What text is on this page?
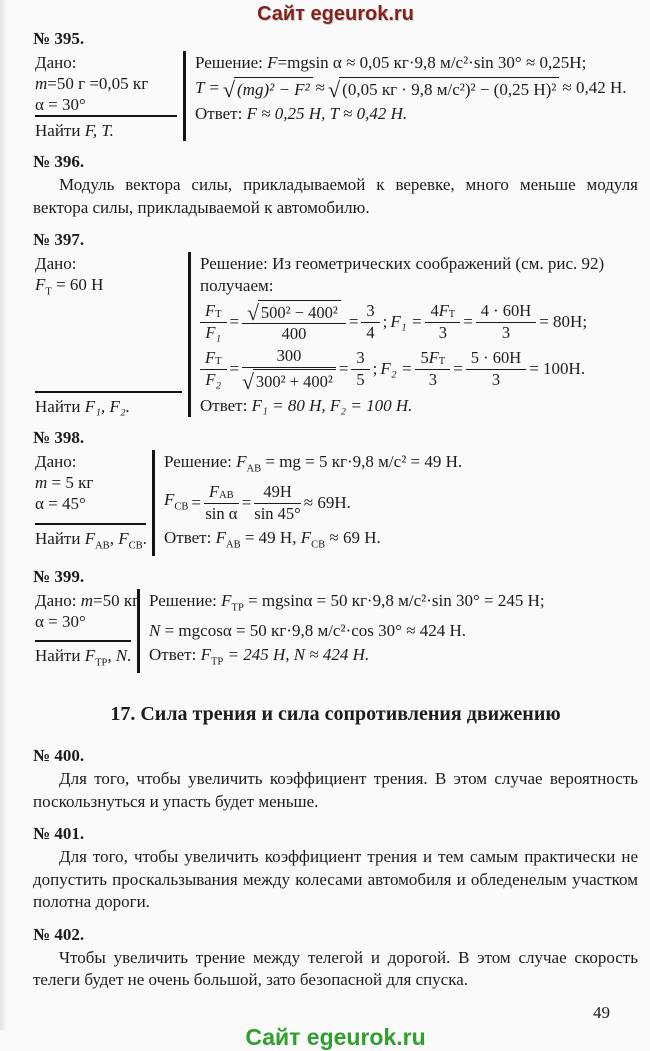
Сайт egeurok.ru
№ 395.
Дано:
m=50 г =0,05 кг
α = 30°
Найти F, T.
Решение: F=mgsin α ≈ 0,05 кг·9,8 м/с²·sin 30° ≈ 0,25Н;
T = √ (mg)² − F² ≈ √ (0,05 кг · 9,8 м/с²)² − (0,25 Н)² ≈ 0,42 Н.
Ответ: F ≈ 0,25 Н, T ≈ 0,42 Н.
№ 396.
Модуль вектора силы, прикладываемой к веревке, много меньше модуля вектора силы, прикладываемой к автомобилю.
№ 397.
Дано:
$F_Т = 60$ Н
Найти F₁, F₂.
Решение: Из геометрических соображений (см. рис. 92) получаем:
$\frac{F_Т}{\text{F₁}} = \frac{\text{√ 500² − 400²}}{400} = \frac{3}{4}$ ; $F_1 = \frac{4 F_Т}{3} = \frac{4 \cdot 60Н}{3} = 80Н$;
$\frac{F_Т}{\text{F₂}} = \frac{300}{\text{√ 300² + 400²}} = \frac{3}{5}$ ; $F_2 = \frac{5 F_Т}{3} = \frac{5 \cdot 60Н}{3} = 100Н$.
Ответ: F₁ = 80 Н, F₂ = 100 Н.
№ 398.
Дано:
m = 5 кг
α = 45°
Найти $F_{АВ}$, $F_{СВ}$.
Решение: $F_{АВ}$ = mg = 5 кг·9,8 м/с² = 49 Н.
$F_{СВ} = \frac{F_{АВ}}{\text{sin α}} = \frac{49Н}{\sin 45^\circ} \approx 69Н$.
Ответ: $F_{АВ} = 49$ Н, $F_{СВ} \approx 69$ Н.
№ 399.
Дано: m=50 кг
α = 30°
Найти $F_{ТР}$, N.
Решение: $F_{ТР} = mgsin\alpha = 50$ кг·9,8 м/с²·sin 30° = 245 Н;
N = mgcosα = 50 кг·9,8 м/с²·cos 30° ≈ 424 Н.
Ответ: $F_{ТР} = 245$ Н, N ≈ 424 Н.
17. Сила трения и сила сопротивления движению
№ 400.
Для того, чтобы увеличить коэффициент трения. В этом случае вероятность поскользнуться и упасть будет меньше.
№ 401.
Для того, чтобы увеличить коэффициент трения и тем самым практически не допустить проскальзывания между колесами автомобиля и обледенелым участком полотна дороги.
№ 402.
Чтобы увеличить трение между телегой и дорогой. В этом случае скорость телеги будет не очень большой, зато безопасной для спуска.
49
Сайт egeurok.ru
